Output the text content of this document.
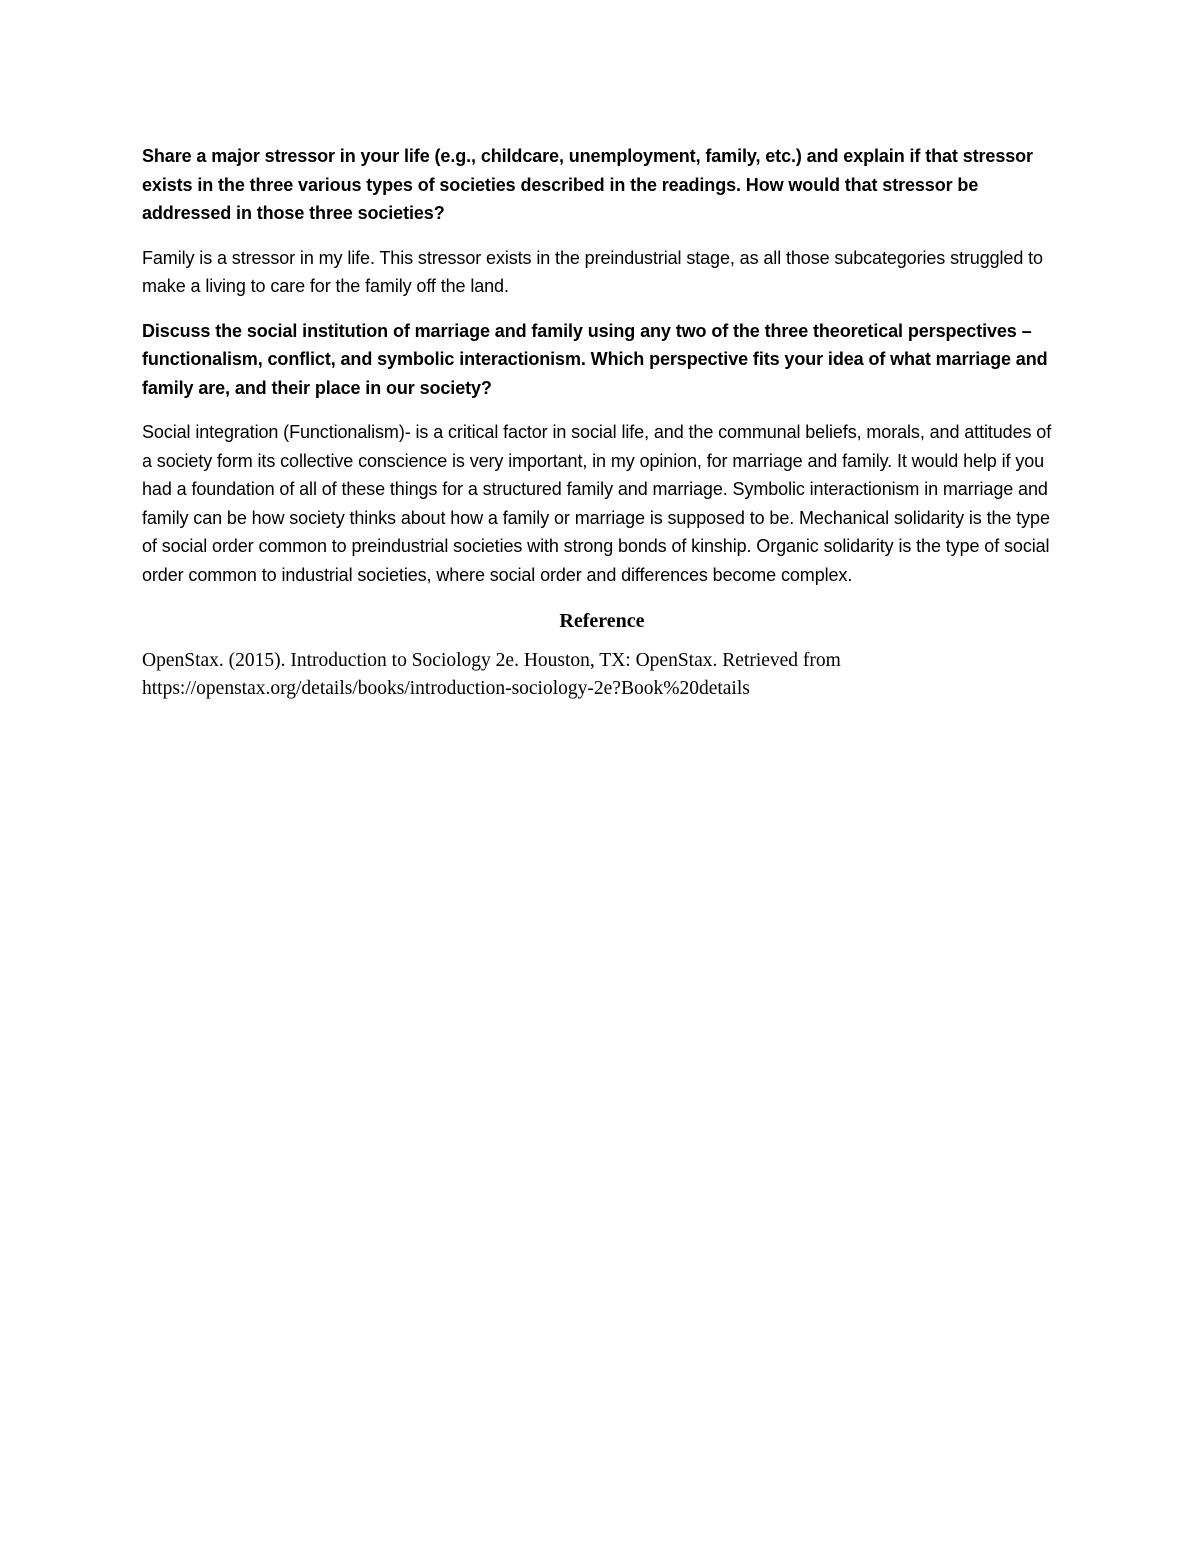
Share a major stressor in your life (e.g., childcare, unemployment, family, etc.) and explain if that stressor exists in the three various types of societies described in the readings. How would that stressor be addressed in those three societies?

Family is a stressor in my life. This stressor exists in the preindustrial stage, as all those subcategories struggled to make a living to care for the family off the land.

Discuss the social institution of marriage and family using any two of the three theoretical perspectives – functionalism, conflict, and symbolic interactionism. Which perspective fits your idea of what marriage and family are, and their place in our society?

Social integration (Functionalism)- is a critical factor in social life, and the communal beliefs, morals, and attitudes of a society form its collective conscience is very important, in my opinion, for marriage and family. It would help if you had a foundation of all of these things for a structured family and marriage. Symbolic interactionism in marriage and family can be how society thinks about how a family or marriage is supposed to be. Mechanical solidarity is the type of social order common to preindustrial societies with strong bonds of kinship. Organic solidarity is the type of social order common to industrial societies, where social order and differences become complex.

Reference

OpenStax. (2015). Introduction to Sociology 2e. Houston, TX: OpenStax. Retrieved from
https://openstax.org/details/books/introduction-sociology-2e?Book%20details
